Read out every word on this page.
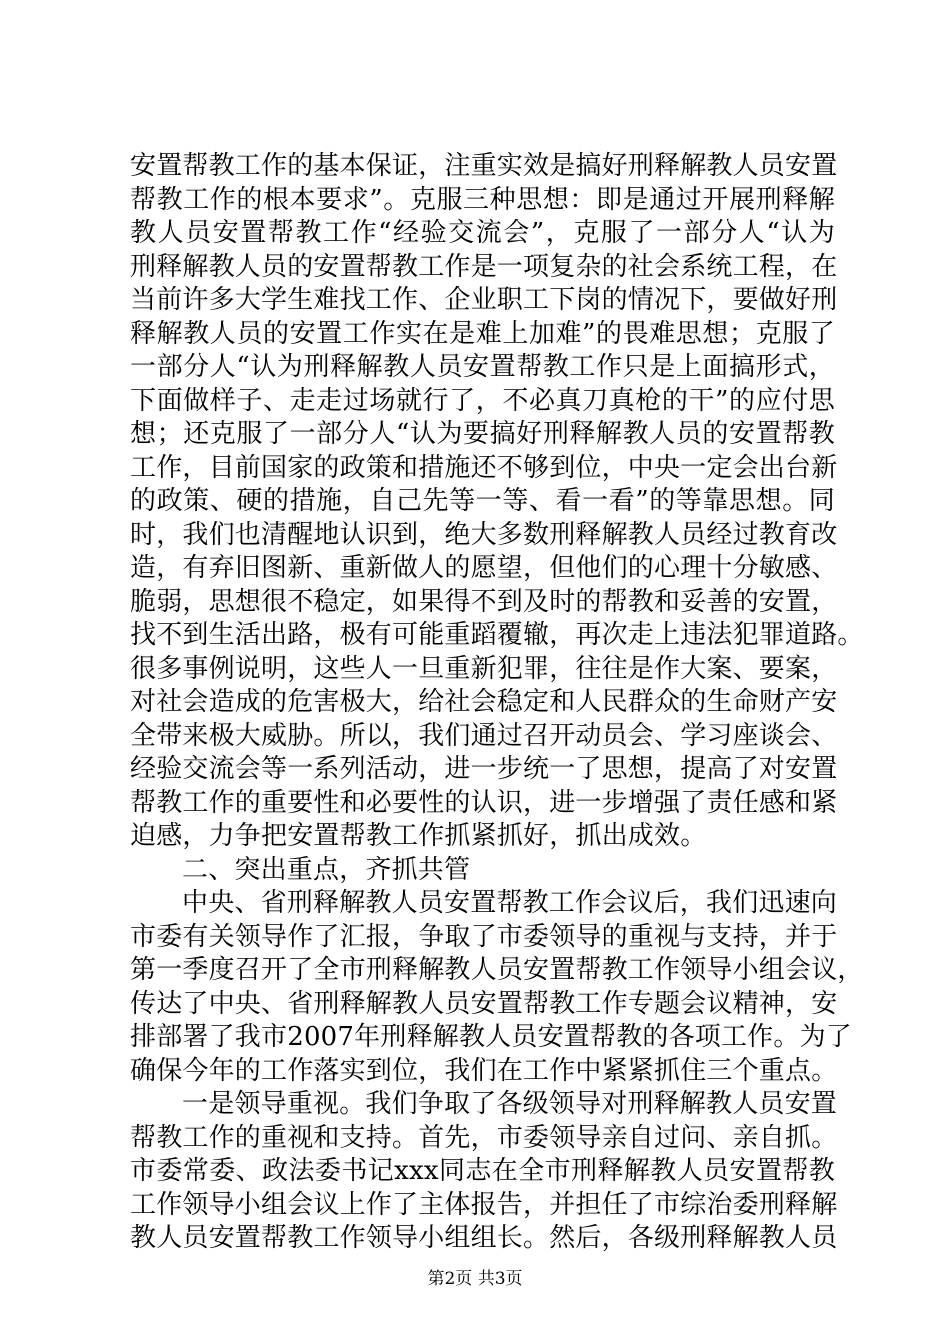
安置帮教工作的基本保证，注重实效是搞好刑释解教人员安置
帮教工作的根本要求”。克服三种思想：即是通过开展刑释解
教人员安置帮教工作“经验交流会”，克服了一部分人“认为
刑释解教人员的安置帮教工作是一项复杂的社会系统工程，在
当前许多大学生难找工作、企业职工下岗的情况下，要做好刑
释解教人员的安置工作实在是难上加难”的畏难思想；克服了
一部分人“认为刑释解教人员安置帮教工作只是上面搞形式，
下面做样子、走走过场就行了，不必真刀真枪的干”的应付思
想；还克服了一部分人“认为要搞好刑释解教人员的安置帮教
工作，目前国家的政策和措施还不够到位，中央一定会出台新
的政策、硬的措施，自己先等一等、看一看”的等靠思想。同
时，我们也清醒地认识到，绝大多数刑释解教人员经过教育改
造，有弃旧图新、重新做人的愿望，但他们的心理十分敏感、
脆弱，思想很不稳定，如果得不到及时的帮教和妥善的安置，
找不到生活出路，极有可能重蹈覆辙，再次走上违法犯罪道路。
很多事例说明，这些人一旦重新犯罪，往往是作大案、要案，
对社会造成的危害极大，给社会稳定和人民群众的生命财产安
全带来极大威胁。所以，我们通过召开动员会、学习座谈会、
经验交流会等一系列活动，进一步统一了思想，提高了对安置
帮教工作的重要性和必要性的认识，进一步增强了责任感和紧
迫感，力争把安置帮教工作抓紧抓好，抓出成效。
二、突出重点，齐抓共管
中央、省刑释解教人员安置帮教工作会议后，我们迅速向
市委有关领导作了汇报，争取了市委领导的重视与支持，并于
第一季度召开了全市刑释解教人员安置帮教工作领导小组会议，
传达了中央、省刑释解教人员安置帮教工作专题会议精神，安
排部署了我市2007年刑释解教人员安置帮教的各项工作。为了
确保今年的工作落实到位，我们在工作中紧紧抓住三个重点。
一是领导重视。我们争取了各级领导对刑释解教人员安置
帮教工作的重视和支持。首先，市委领导亲自过问、亲自抓。
市委常委、政法委书记xxx同志在全市刑释解教人员安置帮教
工作领导小组会议上作了主体报告，并担任了市综治委刑释解
教人员安置帮教工作领导小组组长。然后，各级刑释解教人员
第2页 共3页
